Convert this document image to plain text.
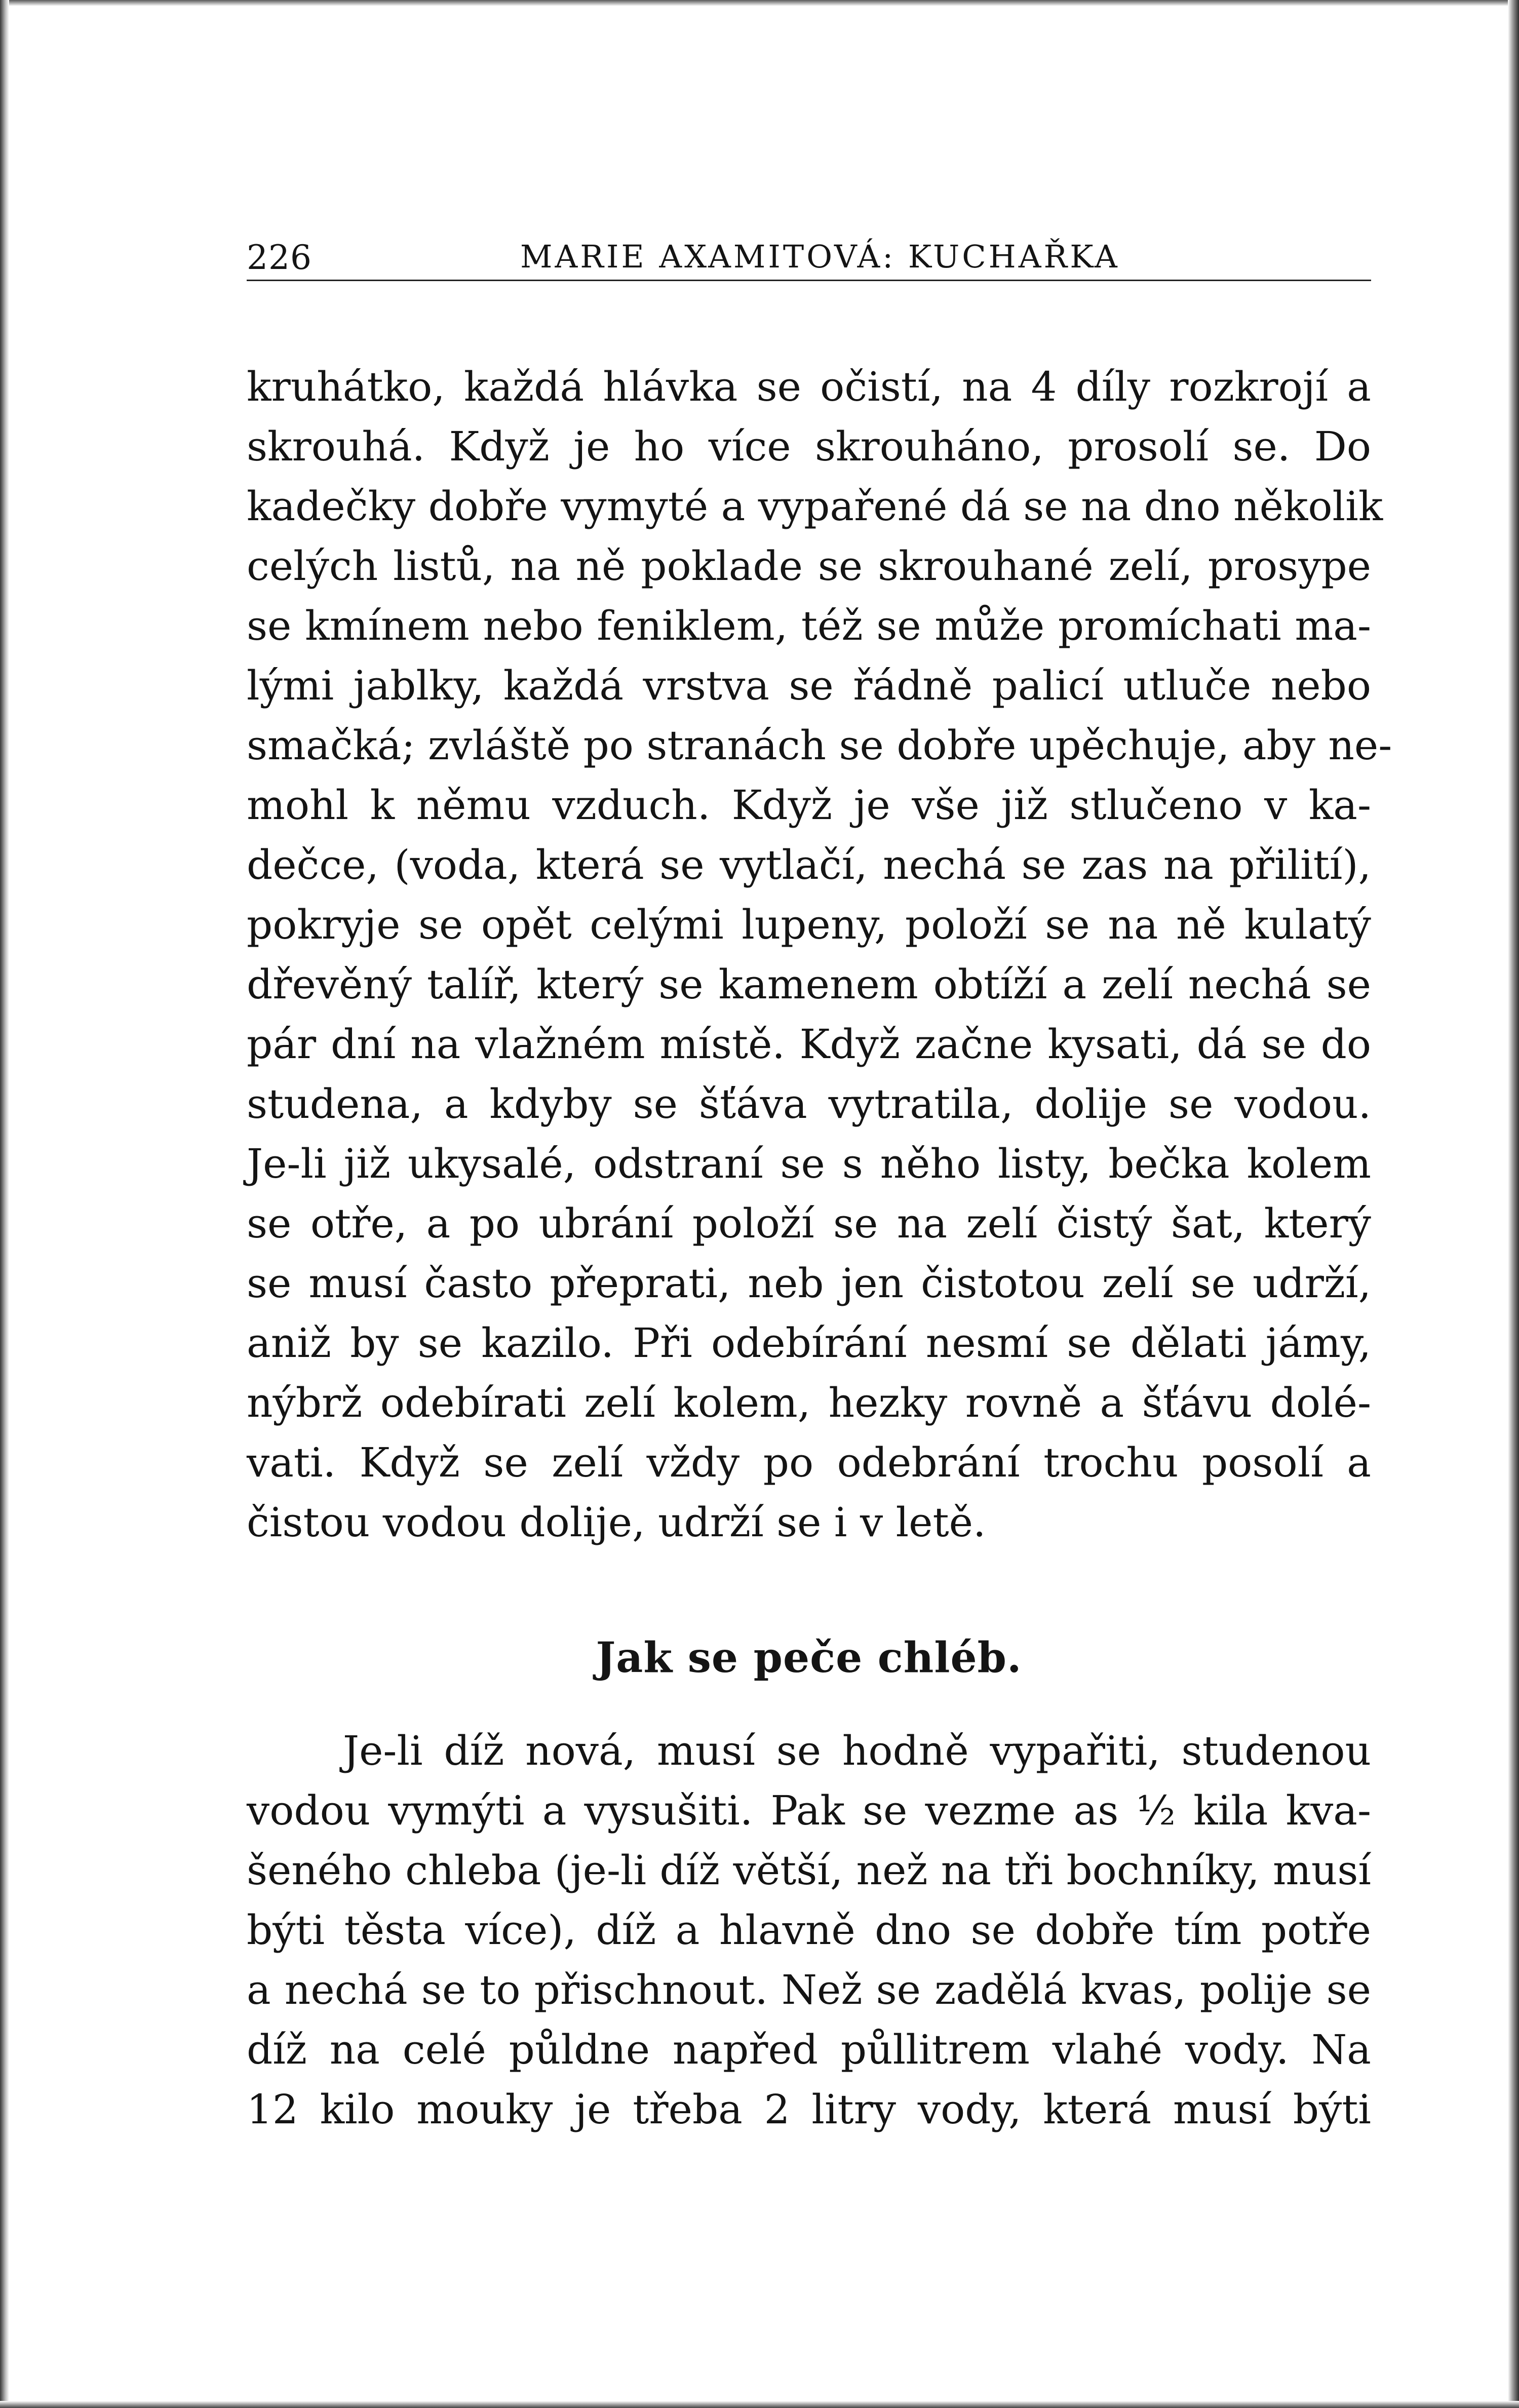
226	MARIE AXAMITOVÁ: KUCHAŘKA
kruhátko, každá hlávka se očistí, na 4 díly rozkrojí a
skrouhá. Když je ho více skrouháno, prosolí se. Do
kadečky dobře vymyté a vypařené dá se na dno několik
celých listů, na ně poklade se skrouhané zelí, prosype
se kmínem nebo feniklem, též se může promíchati ma-
lými jablky, každá vrstva se řádně palicí utluče nebo
smačká; zvláště po stranách se dobře upěchuje, aby ne-
mohl k němu vzduch. Když je vše již stlučeno v ka-
dečce, (voda, která se vytlačí, nechá se zas na přilití),
pokryje se opět celými lupeny, položí se na ně kulatý
dřevěný talíř, který se kamenem obtíží a zelí nechá se
pár dní na vlažném místě. Když začne kysati, dá se do
studena, a kdyby se šťáva vytratila, dolije se vodou.
Je-li již ukysalé, odstraní se s něho listy, bečka kolem
se otře, a po ubrání položí se na zelí čistý šat, který
se musí často přeprati, neb jen čistotou zelí se udrží,
aniž by se kazilo. Při odebírání nesmí se dělati jámy,
nýbrž odebírati zelí kolem, hezky rovně a šťávu dolé-
vati. Když se zelí vždy po odebrání trochu posolí a
čistou vodou dolije, udrží se i v letě.
Jak se peče chléb.
Je-li díž nová, musí se hodně vypařiti, studenou
vodou vymýti a vysušiti. Pak se vezme as ½ kila kva-
šeného chleba (je-li díž větší, než na tři bochníky, musí
býti těsta více), díž a hlavně dno se dobře tím potře
a nechá se to přischnout. Než se zadělá kvas, polije se
díž na celé půldne napřed půllitrem vlahé vody. Na
12 kilo mouky je třeba 2 litry vody, která musí býti
